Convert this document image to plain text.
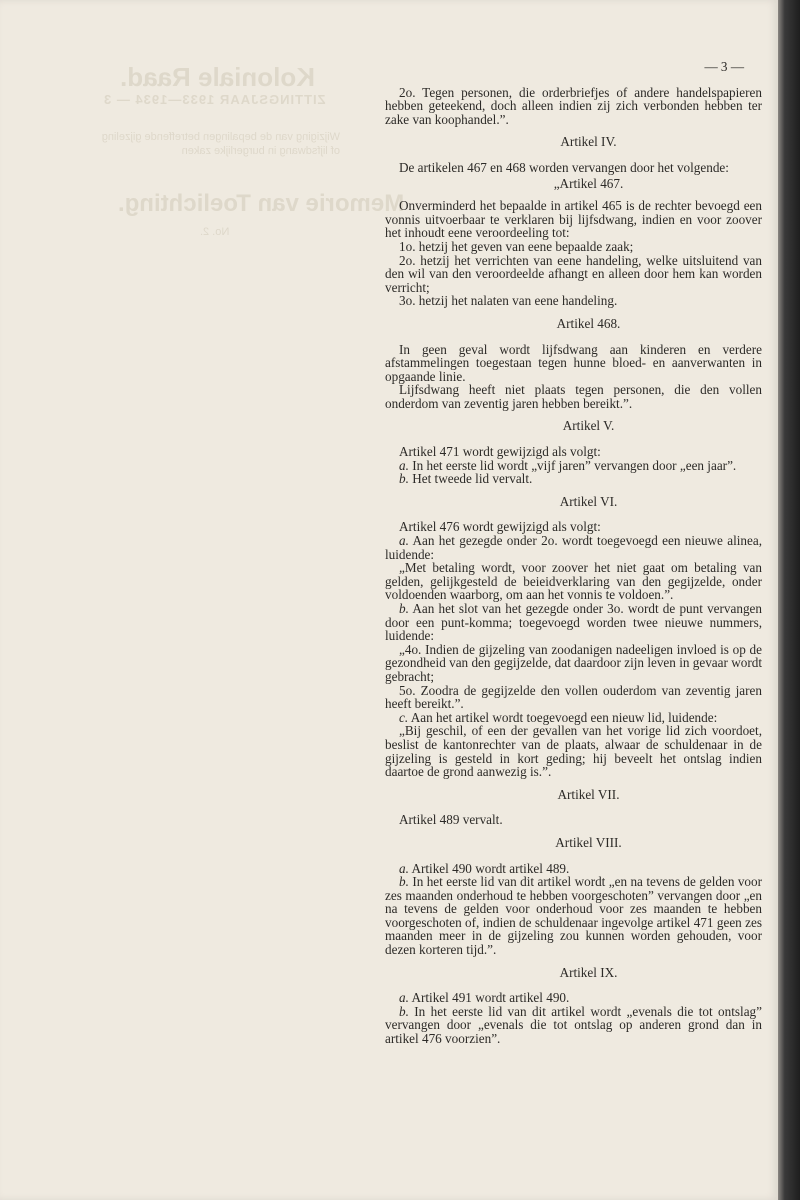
Koloniale Raad.
ZITTINGSJAAR 1933—1934 — 3
Wijziging van de bepalingen betreffende gijzeling of lijfsdwang in burgerlijke zaken
Memorie van Toelichting.
No. 2.
— 3 —

2o. Tegen personen, die orderbriefjes of andere handelspapieren hebben geteekend, doch alleen indien zij zich verbonden hebben ter zake van koophandel.”.

Artikel IV.

De artikelen 467 en 468 worden vervangen door het volgende:

„Artikel 467.

Onverminderd het bepaalde in artikel 465 is de rechter bevoegd een vonnis uitvoerbaar te verklaren bij lijfsdwang, indien en voor zoover het inhoudt eene veroordeeling tot:

1o. hetzij het geven van eene bepaalde zaak;

2o. hetzij het verrichten van eene handeling, welke uitsluitend van den wil van den veroordeelde afhangt en alleen door hem kan worden verricht;

3o. hetzij het nalaten van eene handeling.

Artikel 468.

In geen geval wordt lijfsdwang aan kinderen en verdere afstammelingen toegestaan tegen hunne bloed- en aanverwanten in opgaande linie.

Lijfsdwang heeft niet plaats tegen personen, die den vollen onderdom van zeventig jaren hebben bereikt.”.

Artikel V.

Artikel 471 wordt gewijzigd als volgt:

a. In het eerste lid wordt „vijf jaren” vervangen door „een jaar”.

b. Het tweede lid vervalt.

Artikel VI.

Artikel 476 wordt gewijzigd als volgt:

a. Aan het gezegde onder 2o. wordt toegevoegd een nieuwe alinea, luidende:

„Met betaling wordt, voor zoover het niet gaat om betaling van gelden, gelijkgesteld de beieidverklaring van den gegijzelde, onder voldoenden waarborg, om aan het vonnis te voldoen.”.

b. Aan het slot van het gezegde onder 3o. wordt de punt vervangen door een punt-komma; toegevoegd worden twee nieuwe nummers, luidende:

„4o. Indien de gijzeling van zoodanigen nadeeligen invloed is op de gezondheid van den gegijzelde, dat daardoor zijn leven in gevaar wordt gebracht;

5o. Zoodra de gegijzelde den vollen ouderdom van zeventig jaren heeft bereikt.”.

c. Aan het artikel wordt toegevoegd een nieuw lid, luidende:

„Bij geschil, of een der gevallen van het vorige lid zich voordoet, beslist de kantonrechter van de plaats, alwaar de schuldenaar in de gijzeling is gesteld in kort geding; hij beveelt het ontslag indien daartoe de grond aanwezig is.”.

Artikel VII.

Artikel 489 vervalt.

Artikel VIII.

a. Artikel 490 wordt artikel 489.

b. In het eerste lid van dit artikel wordt „en na tevens de gelden voor zes maanden onderhoud te hebben voorgeschoten” vervangen door „en na tevens de gelden voor onderhoud voor zes maanden te hebben voorgeschoten of, indien de schuldenaar ingevolge artikel 471 geen zes maanden meer in de gijzeling zou kunnen worden gehouden, voor dezen korteren tijd.”.

Artikel IX.

a. Artikel 491 wordt artikel 490.

b. In het eerste lid van dit artikel wordt „evenals die tot ontslag” vervangen door „evenals die tot ontslag op anderen grond dan in artikel 476 voorzien”.
